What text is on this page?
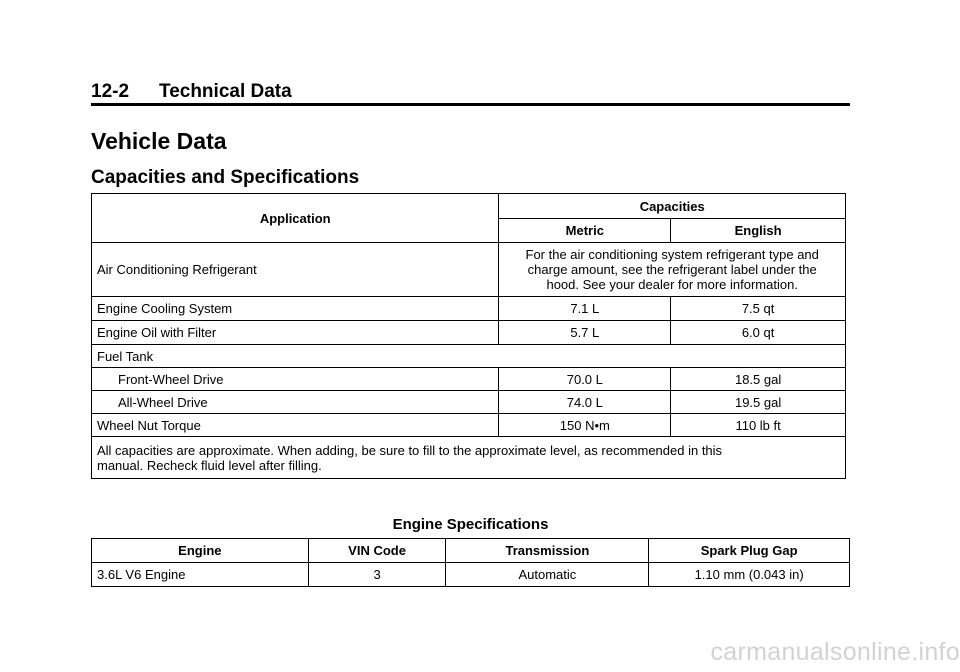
12-2 Technical Data
Vehicle Data
Capacities and Specifications
Application	Capacities	
	Metric	English
Air Conditioning Refrigerant	For the air conditioning system refrigerant type and
charge amount, see the refrigerant label under the
hood. See your dealer for more information.	

Engine Cooling System	7.1 L	7.5 qt
Engine Oil with Filter	5.7 L	6.0 qt
Fuel Tank		
Front-Wheel Drive	70.0 L	18.5 gal
All-Wheel Drive	74.0 L	19.5 gal
Wheel Nut Torque	150 N•m	110 lb ft

All capacities are approximate. When adding, be sure to fill to the approximate level, as recommended in this
manual. Recheck fluid level after filling.		
Engine Specifications
Engine	VIN Code	Transmission	Spark Plug Gap
3.6L V6 Engine	3	Automatic	1.10 mm (0.043 in)
carmanualsonline.info
